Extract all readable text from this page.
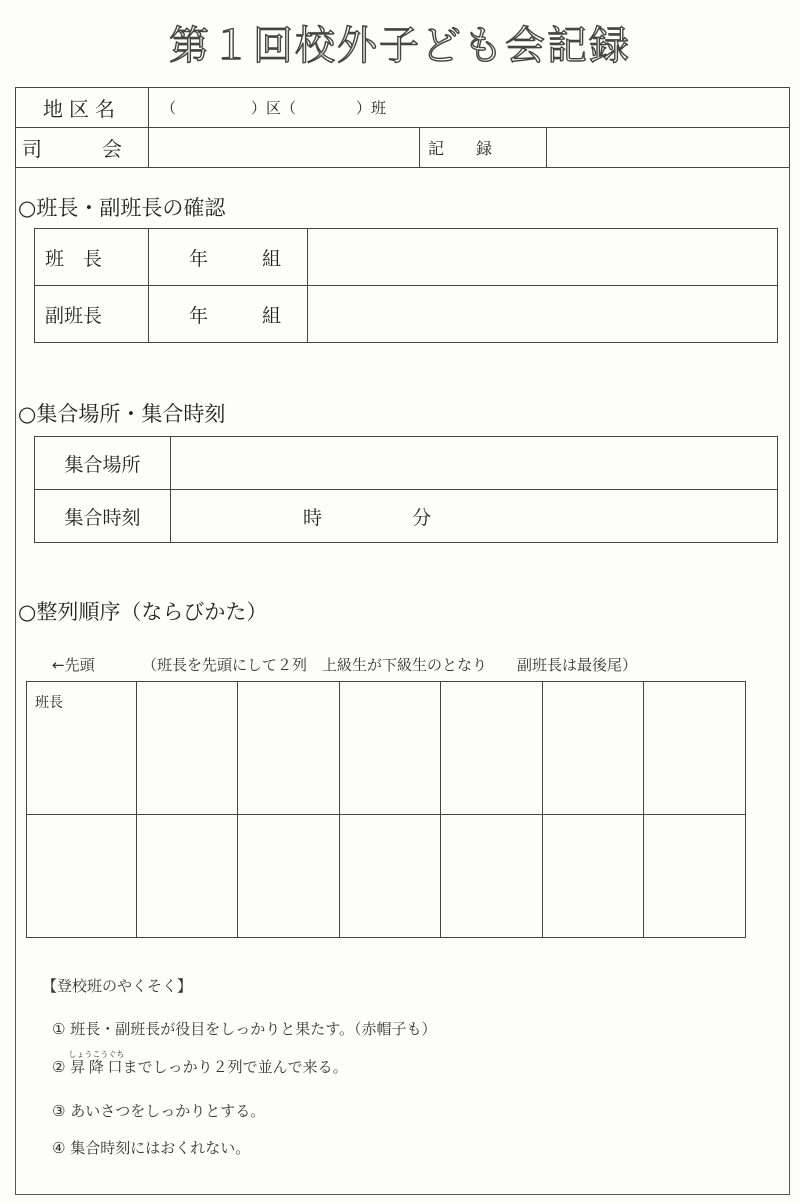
第１回校外子ども会記録
地区名	（　　　　　）区（　　　　）班		
司　会		記　　録	
○班長・副班長の確認
班　長	年 組	
副班長	年 組	
○集合場所・集合時刻
集合場所	
集合時刻	時 分
○整列順序（ならびかた）
←先頭	（班長を先頭にして２列　上級生が下級生のとなり　　副班長は最後尾）
班長						

【登校班のやくそく】
① 班長・副班長が役目をしっかりと果たす。（赤帽子も）
② 昇降口しょうこうぐちまでしっかり２列で並んで来る。
③ あいさつをしっかりとする。
④ 集合時刻にはおくれない。
